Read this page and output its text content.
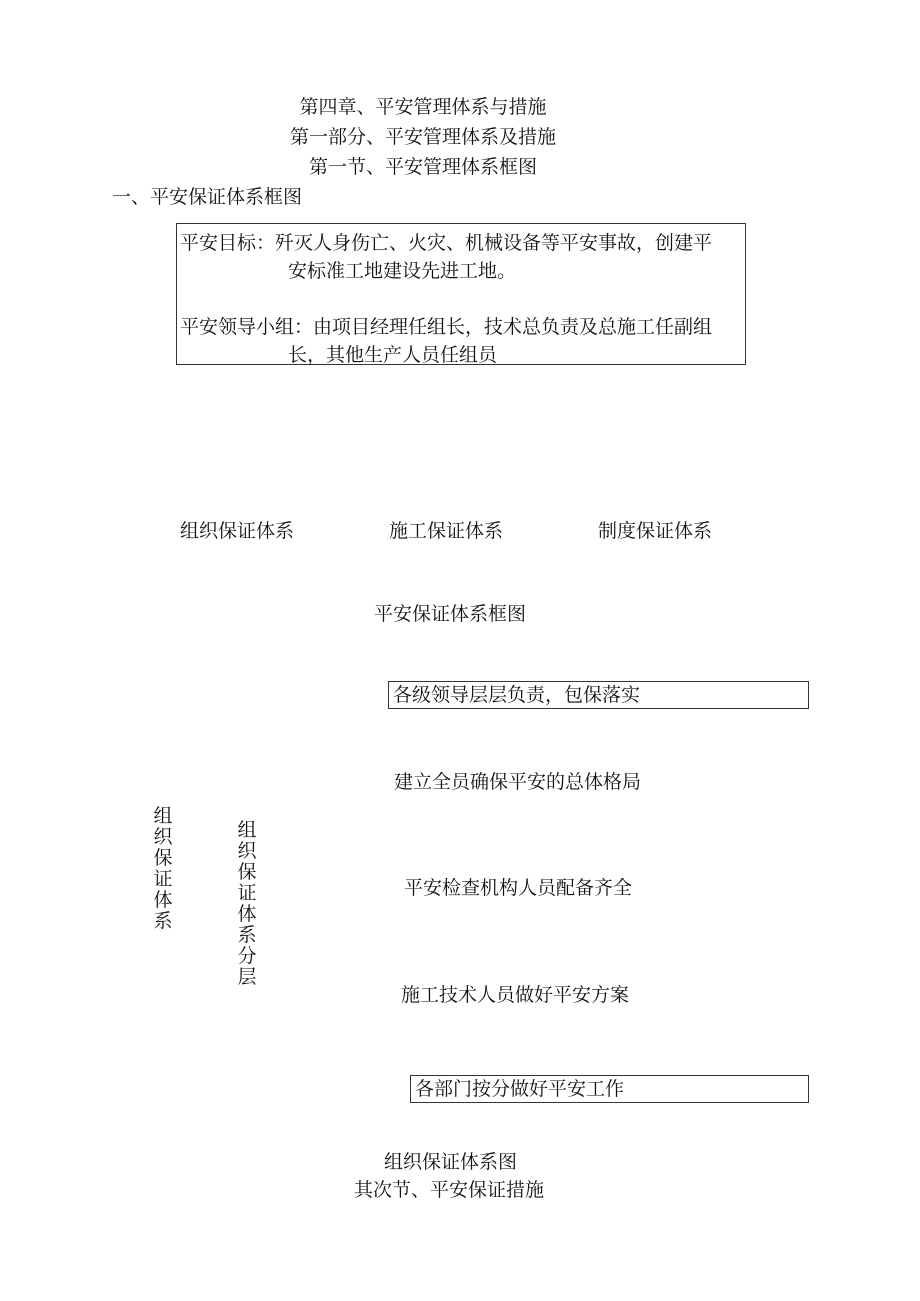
第四章、平安管理体系与措施
第一部分、平安管理体系及措施
第一节、平安管理体系框图
一、平安保证体系框图
平安目标：歼灭人身伤亡、火灾、机械设备等平安事故，创建平
安标准工地建设先进工地。
平安领导小组：由项目经理任组长，技术总负责及总施工任副组
长，其他生产人员任组员
组织保证体系	施工保证体系	制度保证体系
平安保证体系框图
组织保证体系
组织保证体系分层
各级领导层层负责，包保落实
建立全员确保平安的总体格局
平安检查机构人员配备齐全
施工技术人员做好平安方案
各部门按分做好平安工作
组织保证体系图
其次节、平安保证措施
